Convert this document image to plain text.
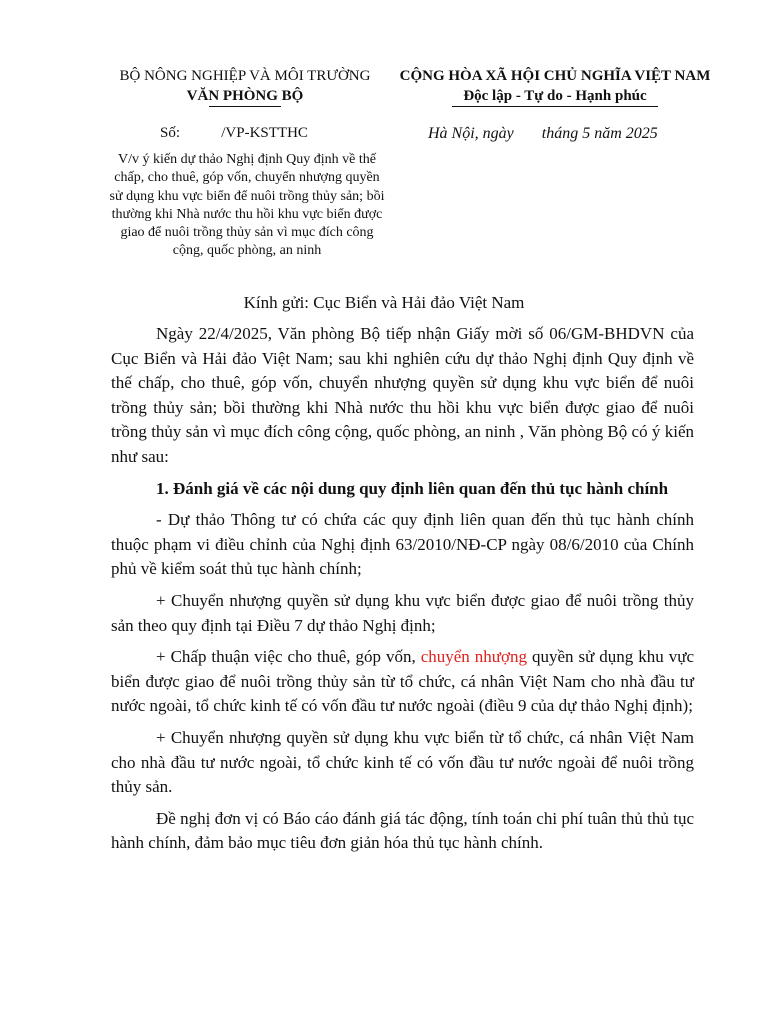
BỘ NÔNG NGHIỆP VÀ MÔI TRƯỜNG
VĂN PHÒNG BỘ
CỘNG HÒA XÃ HỘI CHỦ NGHĨA VIỆT NAM
Độc lập - Tự do - Hạnh phúc
Số:           /VP-KSTTHC	Hà Nội, ngày       tháng 5 năm 2025
V/v ý kiến dự thảo Nghị định Quy định về thế chấp, cho thuê, góp vốn, chuyển nhượng quyền sử dụng khu vực biển để nuôi trồng thủy sản; bồi thường khi Nhà nước thu hồi khu vực biển được giao để nuôi trồng thủy sản vì mục đích công cộng, quốc phòng, an ninh
Kính gửi: Cục Biển và Hải đảo Việt Nam

Ngày 22/4/2025, Văn phòng Bộ tiếp nhận Giấy mời số 06/GM-BHDVN của Cục Biển và Hải đảo Việt Nam; sau khi nghiên cứu dự thảo Nghị định Quy định về thế chấp, cho thuê, góp vốn, chuyển nhượng quyền sử dụng khu vực biển để nuôi trồng thủy sản; bồi thường khi Nhà nước thu hồi khu vực biển được giao để nuôi trồng thủy sản vì mục đích công cộng, quốc phòng, an ninh , Văn phòng Bộ có ý kiến như sau:

1. Đánh giá về các nội dung quy định liên quan đến thủ tục hành chính

- Dự thảo Thông tư có chứa các quy định liên quan đến thủ tục hành chính thuộc phạm vi điều chỉnh của Nghị định 63/2010/NĐ-CP ngày 08/6/2010 của Chính phủ về kiểm soát thủ tục hành chính;

+ Chuyển nhượng quyền sử dụng khu vực biển được giao để nuôi trồng thủy sản theo quy định tại Điều 7 dự thảo Nghị định;

+ Chấp thuận việc cho thuê, góp vốn, chuyển nhượng quyền sử dụng khu vực biển được giao để nuôi trồng thủy sản từ tổ chức, cá nhân Việt Nam cho nhà đầu tư nước ngoài, tổ chức kinh tế có vốn đầu tư nước ngoài (điều 9 của dự thảo Nghị định);

+ Chuyển nhượng quyền sử dụng khu vực biển từ tổ chức, cá nhân Việt Nam cho nhà đầu tư nước ngoài, tổ chức kinh tế có vốn đầu tư nước ngoài để nuôi trồng thủy sản.

Đề nghị đơn vị có Báo cáo đánh giá tác động, tính toán chi phí tuân thủ thủ tục hành chính, đảm bảo mục tiêu đơn giản hóa thủ tục hành chính.
